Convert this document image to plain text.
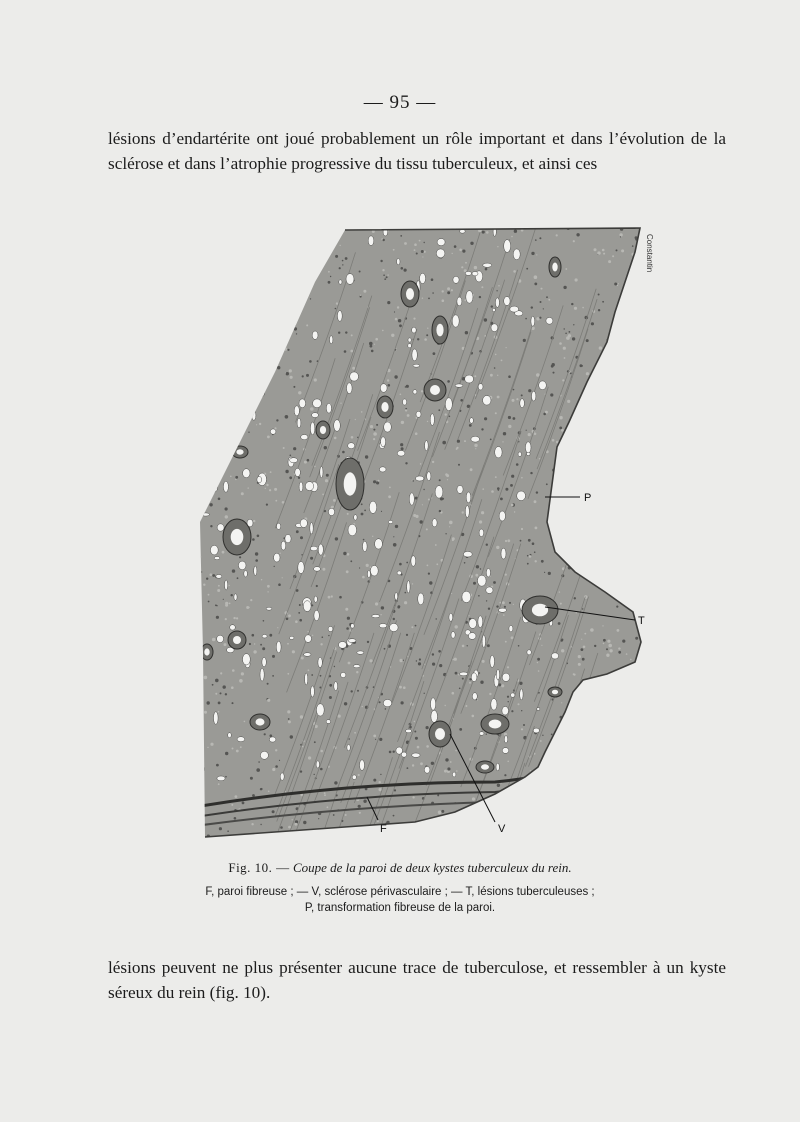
— 95 —
lésions d’endartérite ont joué probablement un rôle important et dans l’évolution de la sclérose et dans l’atrophie progressive du tissu tuberculeux, et ainsi ces
P
T
F	V
Constantin
Fig. 10. — Coupe de la paroi de deux kystes tuberculeux du rein.
F, paroi fibreuse ; — V, sclérose périvasculaire ; — T, lésions tuberculeuses ;
P, transformation fibreuse de la paroi.
lésions peuvent ne plus présenter aucune trace de tuberculose, et ressembler à un kyste séreux du rein (fig. 10).
